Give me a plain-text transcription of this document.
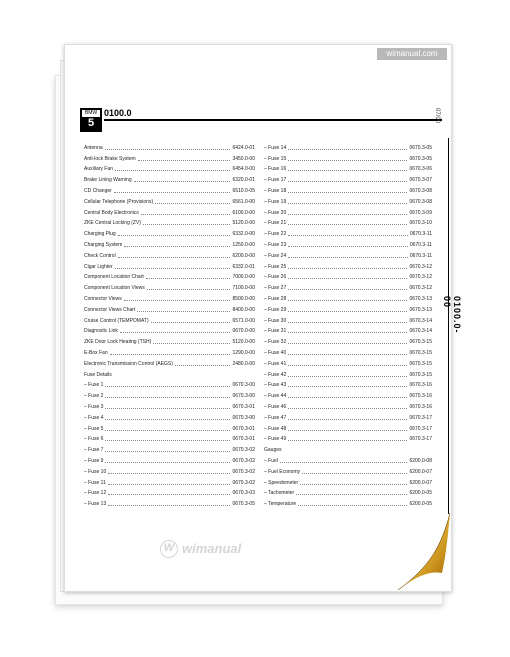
wimanual.com
BMW
5
0100.0	07/00
0100.0-00
Antenna	6424.0-01
Anti-lock Brake System	3450.0-00
Auxiliary Fan	6454.0-00
Brake Lining Warning	6320.0-01
CD Changer	6510.0-05
Cellular Telephone (Provisions)	6561.0-00
Central Body Electronics	6100.0-00
ZKE Central Locking (ZV)	5120.0-00
Charging Plug	6332.0-00
Charging System	1250.0-00
Check Control	6200.0-00
Cigar Lighter	6332.0-01
Component Location Chart	7000.0-00
Component Location Views	7100.0-00
Connector Views	8500.0-00
Connector Views Chart	8400.0-00
Cruise Control (TEMPOMAT)	6571.0-00
Diagnostic Link	0670.0-00
ZKE Door Lock Heating (TSH)	5120.0-00
E-Box Fan	1290.0-00
Electronic Transmission Control (AEGS)	2480.0-00
Fuse Details
– Fuse 1	0670.3-00
– Fuse 2	0670.3-00
– Fuse 3	0670.3-01
– Fuse 4	0670.3-00
– Fuse 5	0670.3-01
– Fuse 6	0670.3-01
– Fuse 7	0670.3-02
– Fuse 9	0670.3-02
– Fuse 10	0670.3-02
– Fuse 11	0670.3-02
– Fuse 12	0670.3-03
– Fuse 13	0670.3-05
– Fuse 14	0670.3-05
– Fuse 15	0670.3-05
– Fuse 16	0670.3-06
– Fuse 17	0670.3-07
– Fuse 18	0670.3-08
– Fuse 19	0670.3-08
– Fuse 20	0670.3-09
– Fuse 21	0670.3-10
– Fuse 22	0670.3-11
– Fuse 23	0670.3-11
– Fuse 24	0670.3-11
– Fuse 25	0670.3-12
– Fuse 26	0670.3-12
– Fuse 27	0670.3-12
– Fuse 28	0670.3-13
– Fuse 29	0670.3-13
– Fuse 30	0670.3-14
– Fuse 31	0670.3-14
– Fuse 32	0670.3-15
– Fuse 40	0670.3-15
– Fuse 41	0670.3-15
– Fuse 42	0670.3-15
– Fuse 43	0670.3-16
– Fuse 44	0670.3-16
– Fuse 46	0670.3-16
– Fuse 47	0670.3-17
– Fuse 48	0670.3-17
– Fuse 49	0670.3-17
Gauges
– Fuel	6200.0-08
– Fuel Economy	6200.0-07
– Speedometer	6200.0-07
– Tachometer	6200.0-05
– Temperature	6200.0-05
W wimanual
